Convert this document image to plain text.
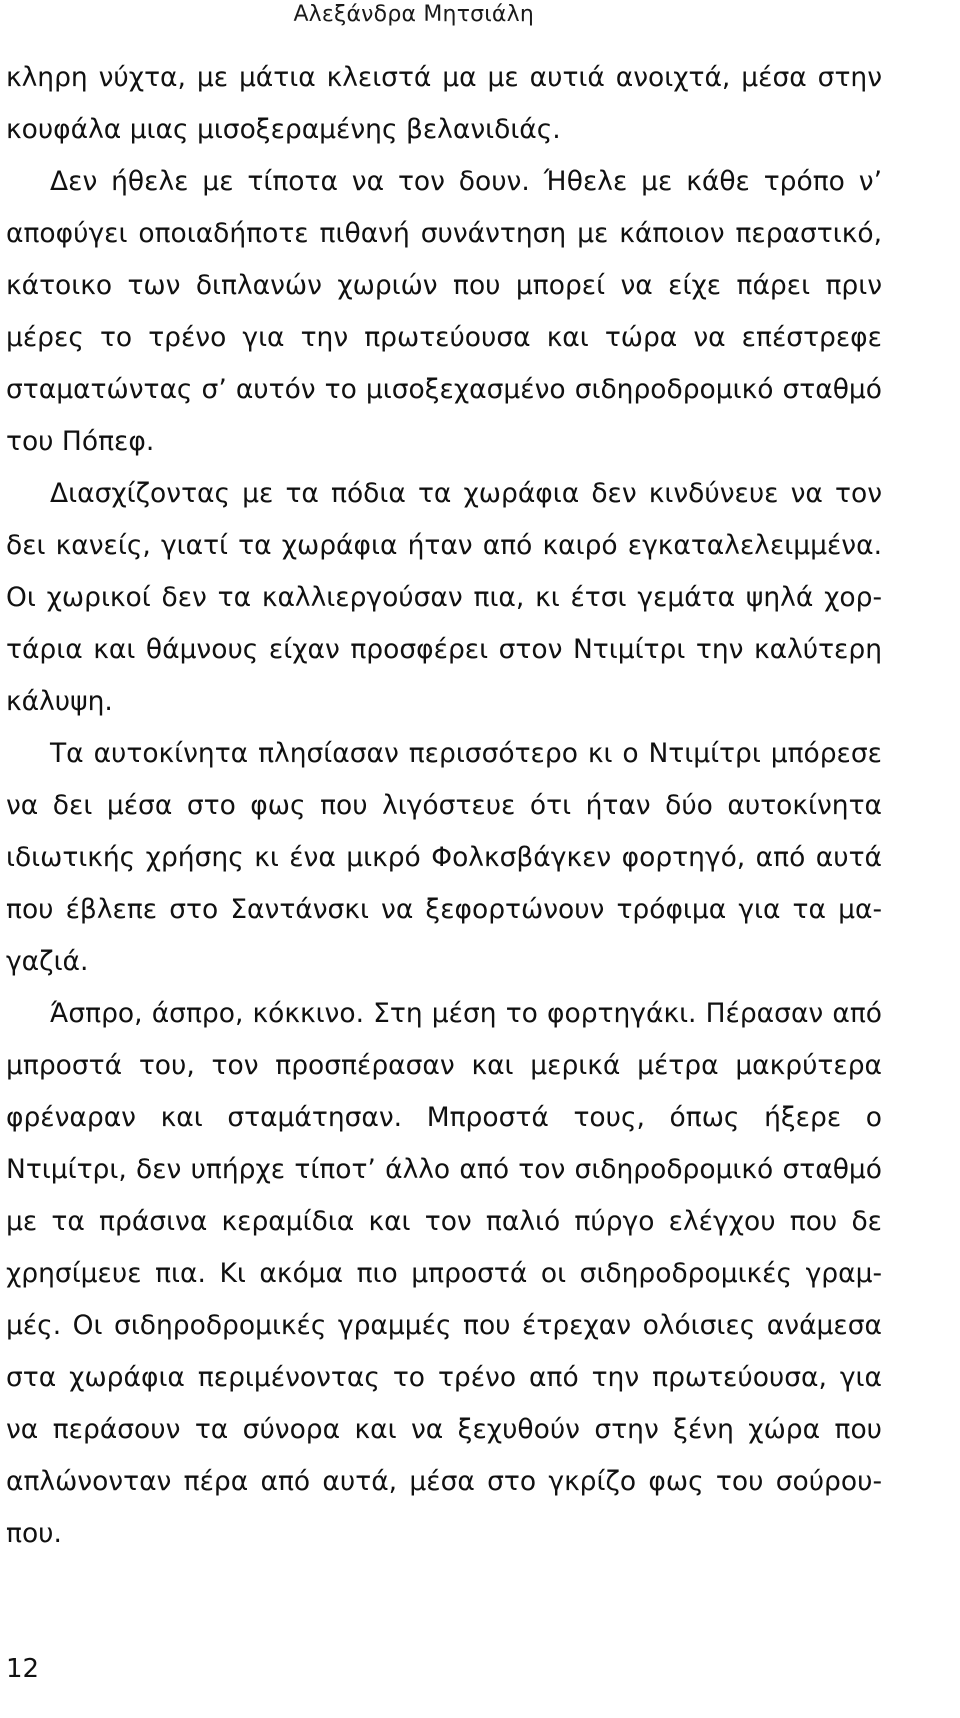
Αλεξάνδρα Μητσιάλη

κληρη νύχτα, με μάτια κλειστά μα με αυτιά ανοιχτά, μέσα στην κουφάλα μιας μισοξεραμένης βελανιδιάς.

Δεν ήθελε με τίποτα να τον δουν. Ήθελε με κάθε τρόπο ν’ αποφύγει οποιαδήποτε πιθανή συνάντηση με κάποιον περαστικό, κάτοικο των διπλανών χωριών που μπορεί να είχε πάρει πριν μέρες το τρένο για την πρωτεύουσα και τώρα να επέστρεφε σταματώντας σ’ αυτόν το μισοξεχασμένο σιδηροδρομικό σταθμό του Πόπεφ.

Διασχίζοντας με τα πόδια τα χωράφια δεν κινδύνευε να τον δει κανείς, γιατί τα χωράφια ήταν από καιρό εγκαταλελειμμένα. Οι χωρικοί δεν τα καλλιεργούσαν πια, κι έτσι γεμάτα ψηλά χορτάρια και θάμνους είχαν προσφέρει στον Ντιμίτρι την καλύτερη κάλυψη.

Τα αυτοκίνητα πλησίασαν περισσότερο κι ο Ντιμίτρι μπόρεσε να δει μέσα στο φως που λιγόστευε ότι ήταν δύο αυτοκίνητα ιδιωτικής χρήσης κι ένα μικρό Φολκσβάγκεν φορτηγό, από αυτά που έβλεπε στο Σαντάνσκι να ξεφορτώνουν τρόφιμα για τα μαγαζιά.

Άσπρο, άσπρο, κόκκινο. Στη μέση το φορτηγάκι. Πέρασαν από μπροστά του, τον προσπέρασαν και μερικά μέτρα μακρύτερα φρέναραν και σταμάτησαν. Μπροστά τους, όπως ήξερε ο Ντιμίτρι, δεν υπήρχε τίποτ’ άλλο από τον σιδηροδρομικό σταθμό με τα πράσινα κεραμίδια και τον παλιό πύργο ελέγχου που δε χρησίμευε πια. Κι ακόμα πιο μπροστά οι σιδηροδρομικές γραμμές. Οι σιδηροδρομικές γραμμές που έτρεχαν ολόισιες ανάμεσα στα χωράφια περιμένοντας το τρένο από την πρωτεύουσα, για να περάσουν τα σύνορα και να ξεχυθούν στην ξένη χώρα που απλώνονταν πέρα από αυτά, μέσα στο γκρίζο φως του σούρουπου.

12
